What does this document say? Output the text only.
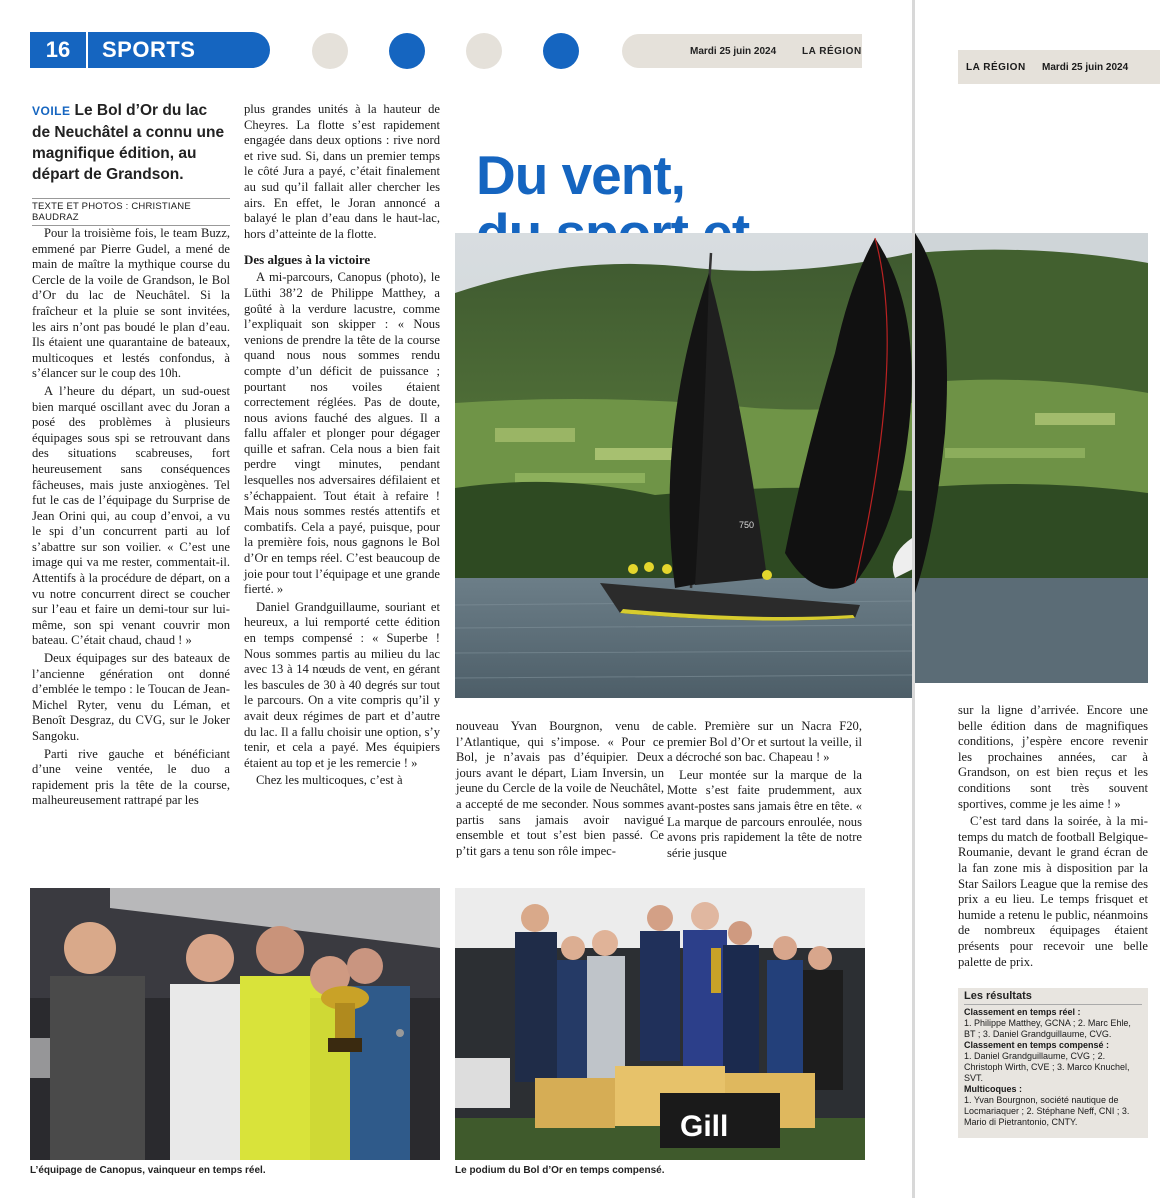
16	SPORTS	Mardi 25 juin 2024	LA RÉGION
LA RÉGION Mardi 25 juin 2024
VOILE Le Bol d’Or du lac de Neuchâtel a connu une magnifique édition, au départ de Grandson.
TEXTE ET PHOTOS : CHRISTIANE BAUDRAZ

Pour la troisième fois, le team Buzz, emmené par Pierre Gudel, a mené de main de maître la mythique course du Cercle de la voile de Grandson, le Bol d’Or du lac de Neuchâtel. Si la fraîcheur et la pluie se sont invitées, les airs n’ont pas boudé le plan d’eau. Ils étaient une quarantaine de bateaux, multicoques et lestés confondus, à s’élancer sur le coup des 10h.

A l’heure du départ, un sud-ouest bien marqué oscillant avec du Joran a posé des problèmes à plusieurs équipages sous spi se retrouvant dans des situations scabreuses, fort heureusement sans conséquences fâcheuses, mais juste anxiogènes. Tel fut le cas de l’équipage du Surprise de Jean Orini qui, au coup d’envoi, a vu le spi d’un concurrent parti au lof s’abattre sur son voilier. « C’est une image qui va me rester, commentait-il. Attentifs à la procédure de départ, on a vu notre concurrent direct se coucher sur l’eau et faire un demi-tour sur lui-même, son spi venant couvrir mon bateau. C’était chaud, chaud ! »

Deux équipages sur des bateaux de l’ancienne génération ont donné d’emblée le tempo : le Toucan de Jean-Michel Ryter, venu du Léman, et Benoît Desgraz, du CVG, sur le Joker Sangoku.

Parti rive gauche et bénéficiant d’une veine ventée, le duo a rapidement pris la tête de la course, malheureusement rattrapé par les

plus grandes unités à la hauteur de Cheyres. La flotte s’est rapidement engagée dans deux options : rive nord et rive sud. Si, dans un premier temps le côté Jura a payé, c’était finalement au sud qu’il fallait aller chercher les airs. En effet, le Joran annoncé a balayé le plan d’eau dans le haut-lac, hors d’atteinte de la flotte.

Des algues à la victoire

A mi-parcours, Canopus (photo), le Lüthi 38’2 de Philippe Matthey, a goûté à la verdure lacustre, comme l’expliquait son skipper : « Nous venions de prendre la tête de la course quand nous nous sommes rendu compte d’un déficit de puissance ; pourtant nos voiles étaient correctement réglées. Pas de doute, nous avions fauché des algues. Il a fallu affaler et plonger pour dégager quille et safran. Cela nous a bien fait perdre vingt minutes, pendant lesquelles nos adversaires défilaient et s’échappaient. Tout était à refaire ! Mais nous sommes restés attentifs et combatifs. Cela a payé, puisque, pour la première fois, nous gagnons le Bol d’Or en temps réel. C’est beaucoup de joie pour tout l’équipage et une grande fierté. »

Daniel Grandguillaume, souriant et heureux, a lui remporté cette édition en temps compensé : « Superbe ! Nous sommes partis au milieu du lac avec 13 à 14 nœuds de vent, en gérant les bascules de 30 à 40 degrés sur tout le parcours. On a vite compris qu’il y avait deux régimes de part et d’autre du lac. Il a fallu choisir une option, s’y tenir, et cela a payé. Mes équipiers étaient au top et je les remercie ! »

Chez les multicoques, c’est à

Du vent,
750

nouveau Yvan Bourgnon, venu de l’Atlantique, qui s’impose. « Pour ce Bol, je n’avais pas d’équipier. Deux jours avant le départ, Liam Inversin, un jeune du Cercle de la voile de Neuchâtel, a accepté de me seconder. Nous sommes partis sans jamais avoir navigué ensemble et tout s’est bien passé. Ce p’tit gars a tenu son rôle impec-

cable. Première sur un Nacra F20, premier Bol d’Or et surtout la veille, il a décroché son bac. Chapeau ! »

Leur montée sur la marque de la Motte s’est faite prudemment, aux avant-postes sans jamais être en tête. « La marque de parcours enroulée, nous avons pris rapidement la tête de notre série jusque

sur la ligne d’arrivée. Encore une belle édition dans de magnifiques conditions, j’espère encore revenir les prochaines années, car à Grandson, on est bien reçus et les conditions sont très souvent sportives, comme je les aime ! »

C’est tard dans la soirée, à la mi-temps du match de football Belgique-Roumanie, devant le grand écran de la fan zone mis à disposition par la Star Sailors League que la remise des prix a eu lieu. Le temps frisquet et humide a retenu le public, néanmoins de nombreux équipages étaient présents pour recevoir une belle palette de prix.

L’équipage de Canopus, vainqueur en temps réel.
Gill
Le podium du Bol d’Or en temps compensé.
Les résultats
Classement en temps réel :
1. Philippe Matthey, GCNA ; 2. Marc Ehle, BT ; 3. Daniel Grandguillaume, CVG.
Classement en temps compensé :
1. Daniel Grandguillaume, CVG ; 2. Christoph Wirth, CVE ; 3. Marco Knuchel, SVT.
Multicoques :
1. Yvan Bourgnon, société nautique de Locmariaquer ; 2. Stéphane Neff, CNI ; 3. Mario di Pietrantonio, CNTY.
